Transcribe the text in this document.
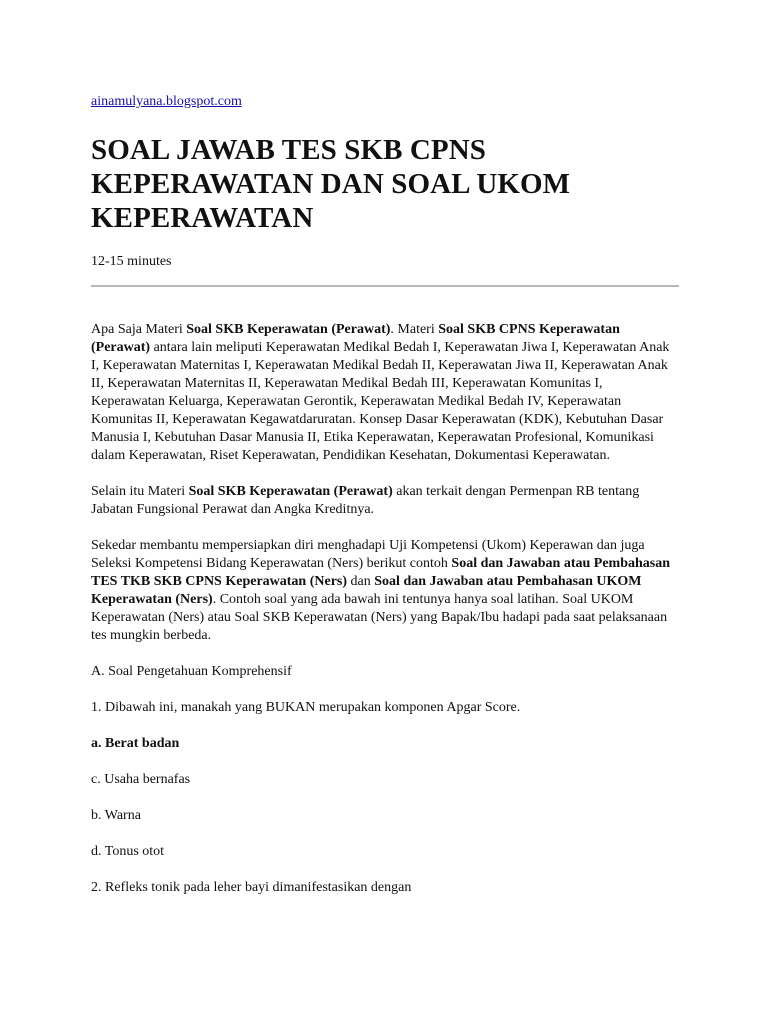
ainamulyana.blogspot.com
SOAL JAWAB TES SKB CPNS KEPERAWATAN DAN SOAL UKOM KEPERAWATAN
12-15 minutes

Apa Saja Materi Soal SKB Keperawatan (Perawat). Materi Soal SKB CPNS Keperawatan (Perawat) antara lain meliputi Keperawatan Medikal Bedah I, Keperawatan Jiwa I, Keperawatan Anak I, Keperawatan Maternitas I, Keperawatan Medikal Bedah II, Keperawatan Jiwa II, Keperawatan Anak II, Keperawatan Maternitas II, Keperawatan Medikal Bedah III, Keperawatan Komunitas I, Keperawatan Keluarga, Keperawatan Gerontik, Keperawatan Medikal Bedah IV, Keperawatan Komunitas II, Keperawatan Kegawatdaruratan. Konsep Dasar Keperawatan (KDK), Kebutuhan Dasar Manusia I, Kebutuhan Dasar Manusia II, Etika Keperawatan, Keperawatan Profesional, Komunikasi dalam Keperawatan, Riset Keperawatan, Pendidikan Kesehatan, Dokumentasi Keperawatan.

Selain itu Materi Soal SKB Keperawatan (Perawat) akan terkait dengan Permenpan RB tentang Jabatan Fungsional Perawat dan Angka Kreditnya.

Sekedar membantu mempersiapkan diri menghadapi Uji Kompetensi (Ukom) Keperawan dan juga Seleksi Kompetensi Bidang Keperawatan (Ners) berikut contoh Soal dan Jawaban atau Pembahasan TES TKB SKB CPNS Keperawatan (Ners) dan Soal dan Jawaban atau Pembahasan UKOM Keperawatan (Ners). Contoh soal yang ada bawah ini tentunya hanya soal latihan. Soal UKOM Keperawatan (Ners) atau Soal SKB Keperawatan (Ners) yang Bapak/Ibu hadapi pada saat pelaksanaan tes mungkin berbeda.

A. Soal Pengetahuan Komprehensif

1. Dibawah ini, manakah yang BUKAN merupakan komponen Apgar Score.

a. Berat badan

c. Usaha bernafas

b. Warna

d. Tonus otot

2. Refleks tonik pada leher bayi dimanifestasikan dengan
